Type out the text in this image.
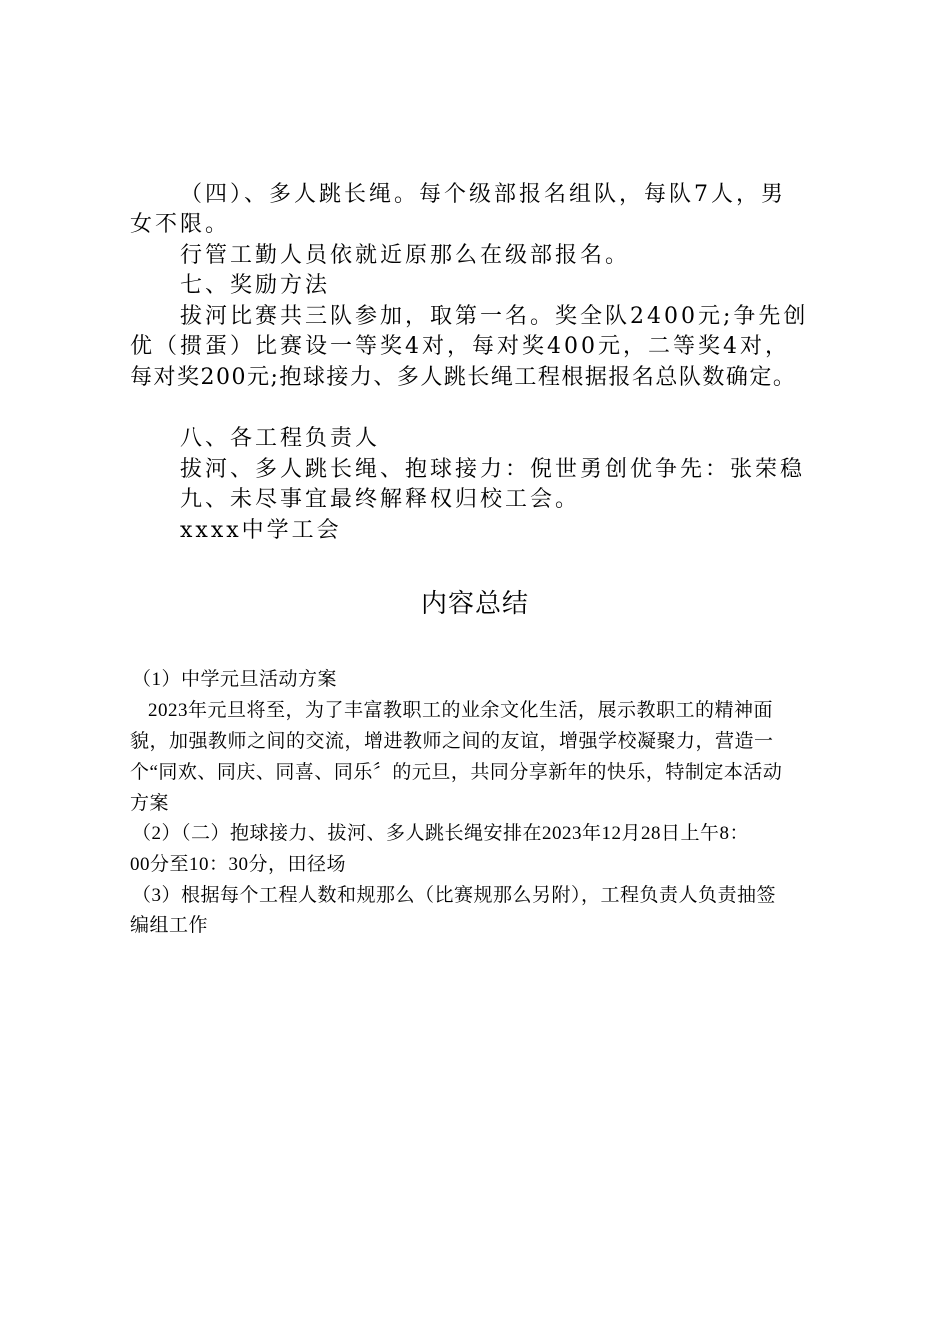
（四）、多人跳长绳。每个级部报名组队，每队7人，男
女不限。
行管工勤人员依就近原那么在级部报名。
七、奖励方法
拔河比赛共三队参加，取第一名。奖全队2400元;争先创
优（掼蛋）比赛设一等奖4对，每对奖400元，二等奖4对，
每对奖200元;抱球接力、多人跳长绳工程根据报名总队数确定。
八、各工程负责人
拔河、多人跳长绳、抱球接力：倪世勇创优争先：张荣稳
九、未尽事宜最终解释权归校工会。
xxxx中学工会
内容总结
（1）中学元旦活动方案
2023年元旦将至，为了丰富教职工的业余文化生活，展示教职工的精神面
貌，加强教师之间的交流，增进教师之间的友谊，增强学校凝聚力，营造一
个“同欢、同庆、同喜、同乐〞的元旦，共同分享新年的快乐，特制定本活动
方案
（2）（二）抱球接力、拔河、多人跳长绳安排在2023年12月28日上午8：
00分至10：30分，田径场
（3）根据每个工程人数和规那么（比赛规那么另附），工程负责人负责抽签
编组工作
